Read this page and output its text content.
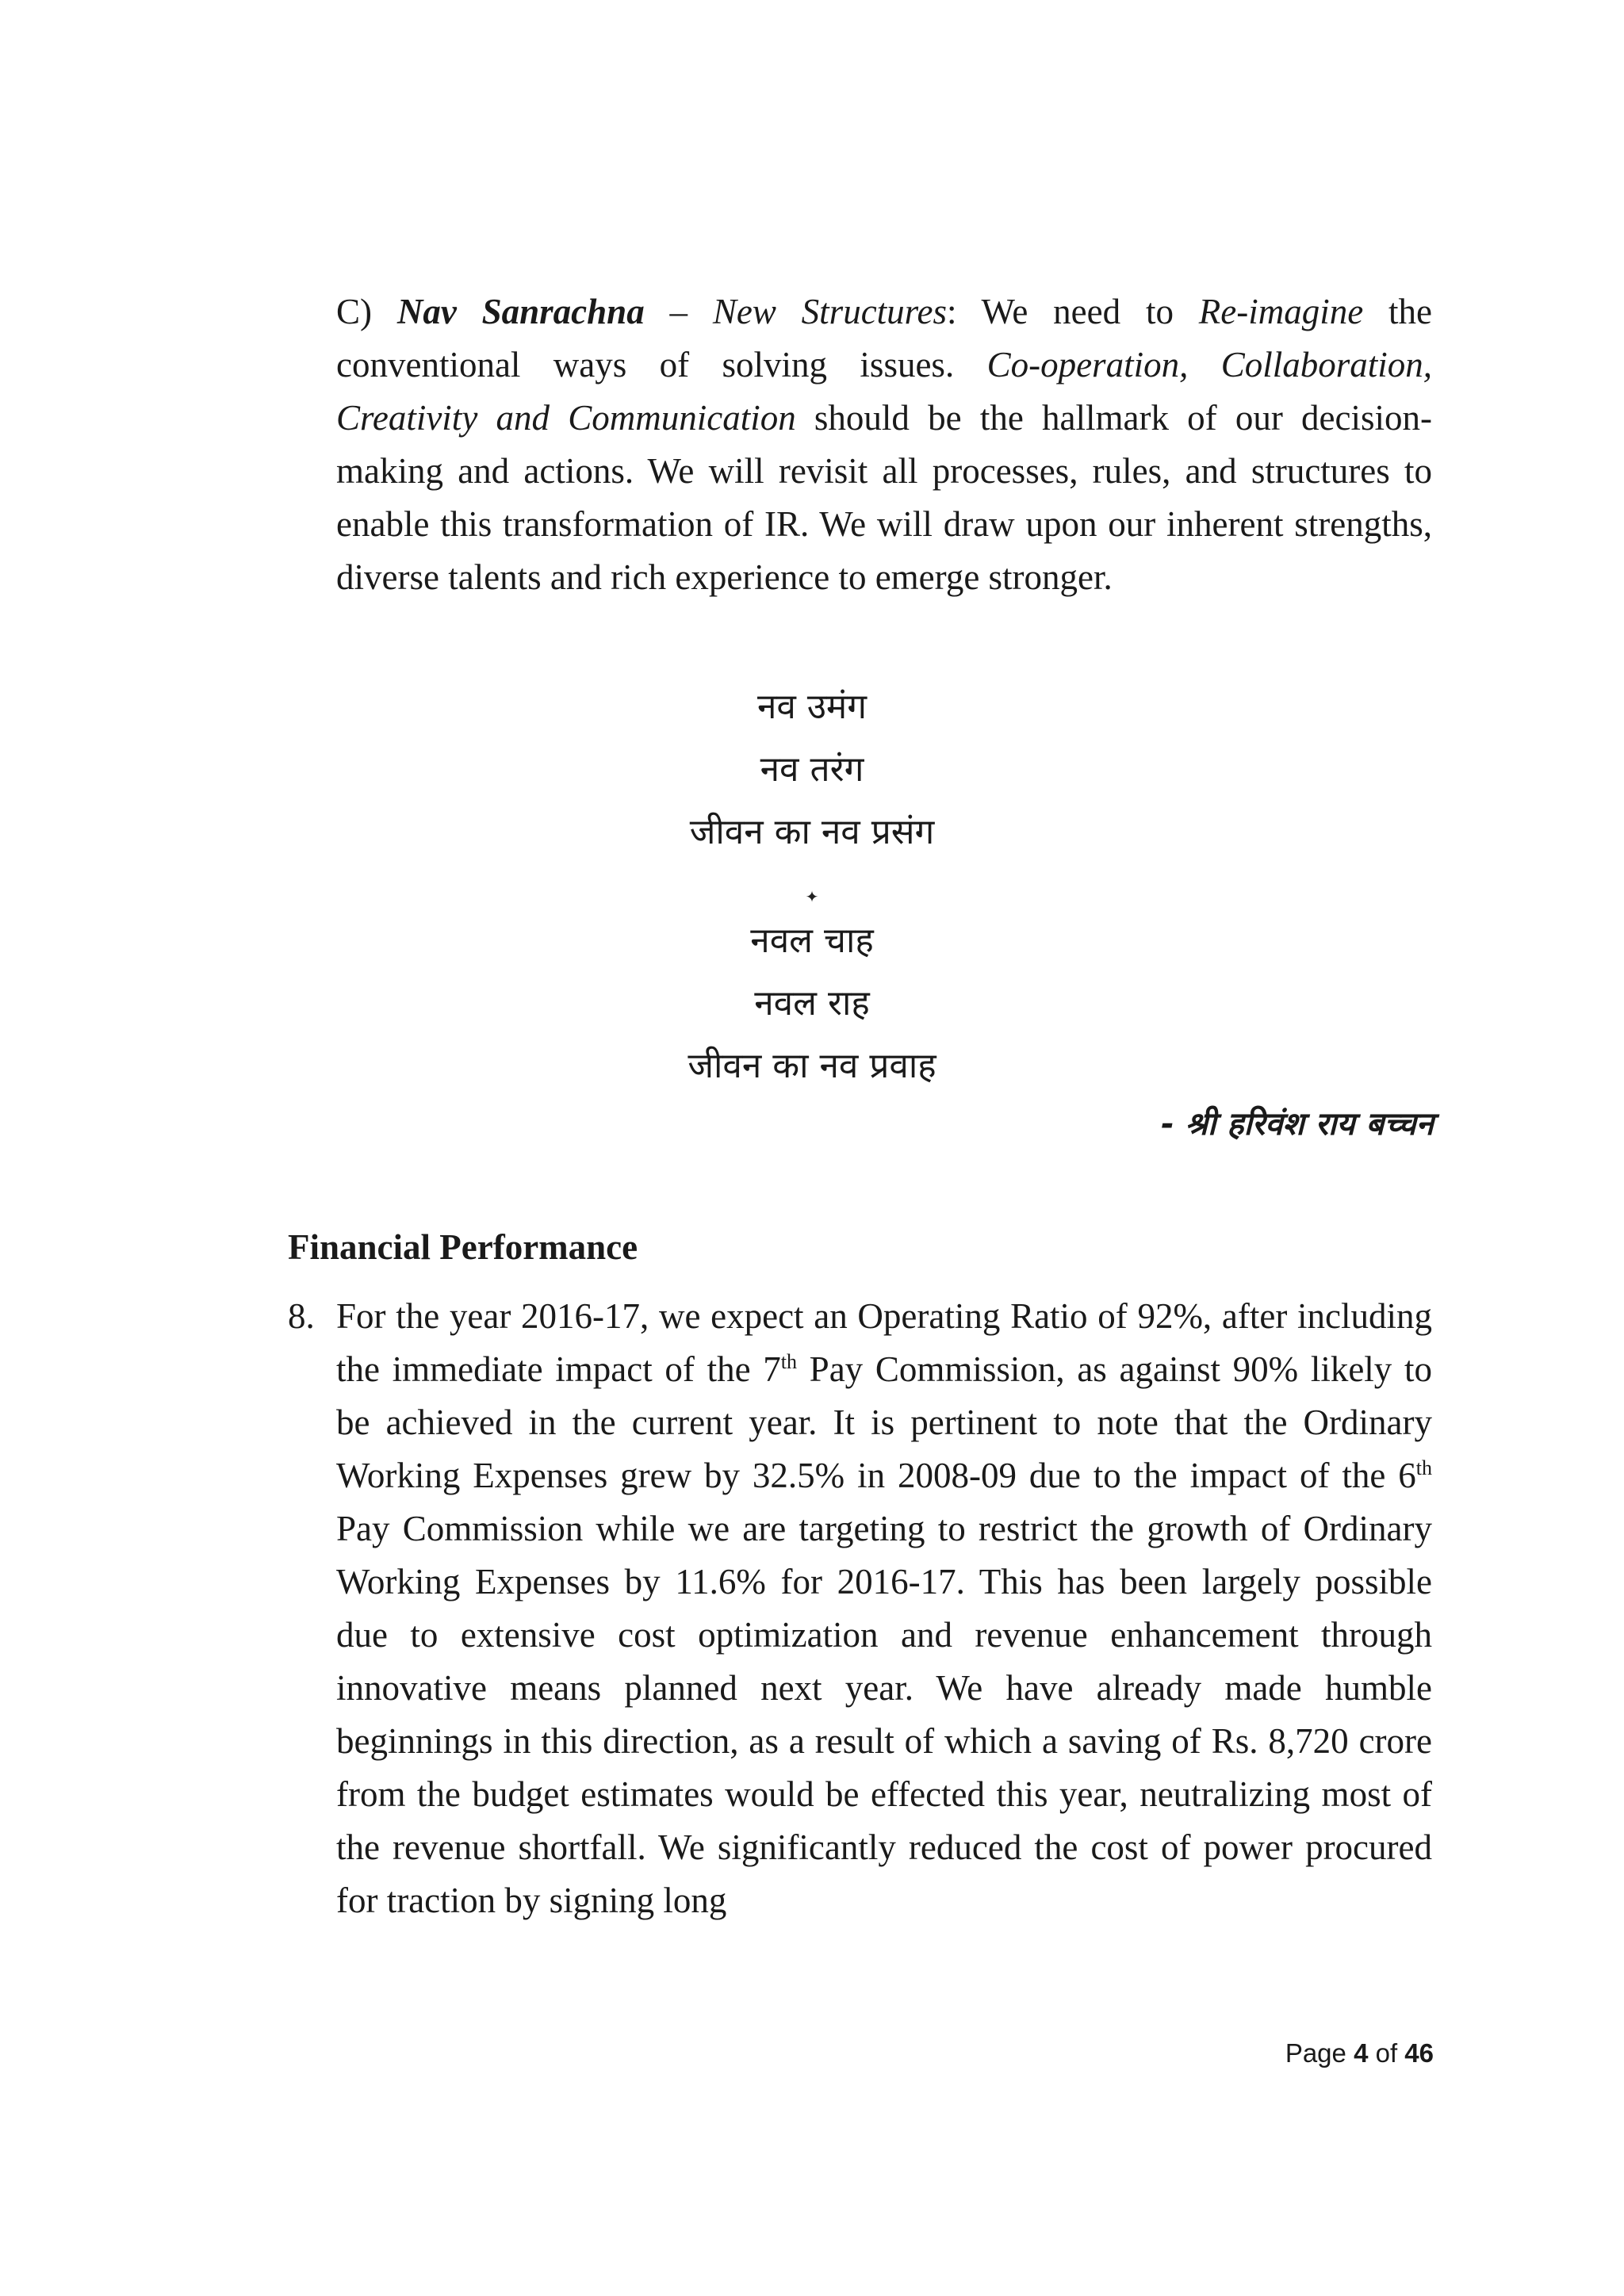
C) Nav Sanrachna – New Structures: We need to Re-imagine the conventional ways of solving issues. Co-operation, Collaboration, Creativity and Communication should be the hallmark of our decision-making and actions. We will revisit all processes, rules, and structures to enable this transformation of IR. We will draw upon our inherent strengths, diverse talents and rich experience to emerge stronger.

नव उमंग
नव तरंग
जीवन का नव प्रसंग
✦
नवल चाह
नवल राह
जीवन का नव प्रवाह
- श्री हरिवंश राय बच्चन
Financial Performance
8. For the year 2016-17, we expect an Operating Ratio of 92%, after including the immediate impact of the 7th Pay Commission, as against 90% likely to be achieved in the current year. It is pertinent to note that the Ordinary Working Expenses grew by 32.5% in 2008-09 due to the impact of the 6th Pay Commission while we are targeting to restrict the growth of Ordinary Working Expenses by 11.6% for 2016-17. This has been largely possible due to extensive cost optimization and revenue enhancement through innovative means planned next year. We have already made humble beginnings in this direction, as a result of which a saving of Rs. 8,720 crore from the budget estimates would be effected this year, neutralizing most of the revenue shortfall. We significantly reduced the cost of power procured for traction by signing long

Page 4 of 46
